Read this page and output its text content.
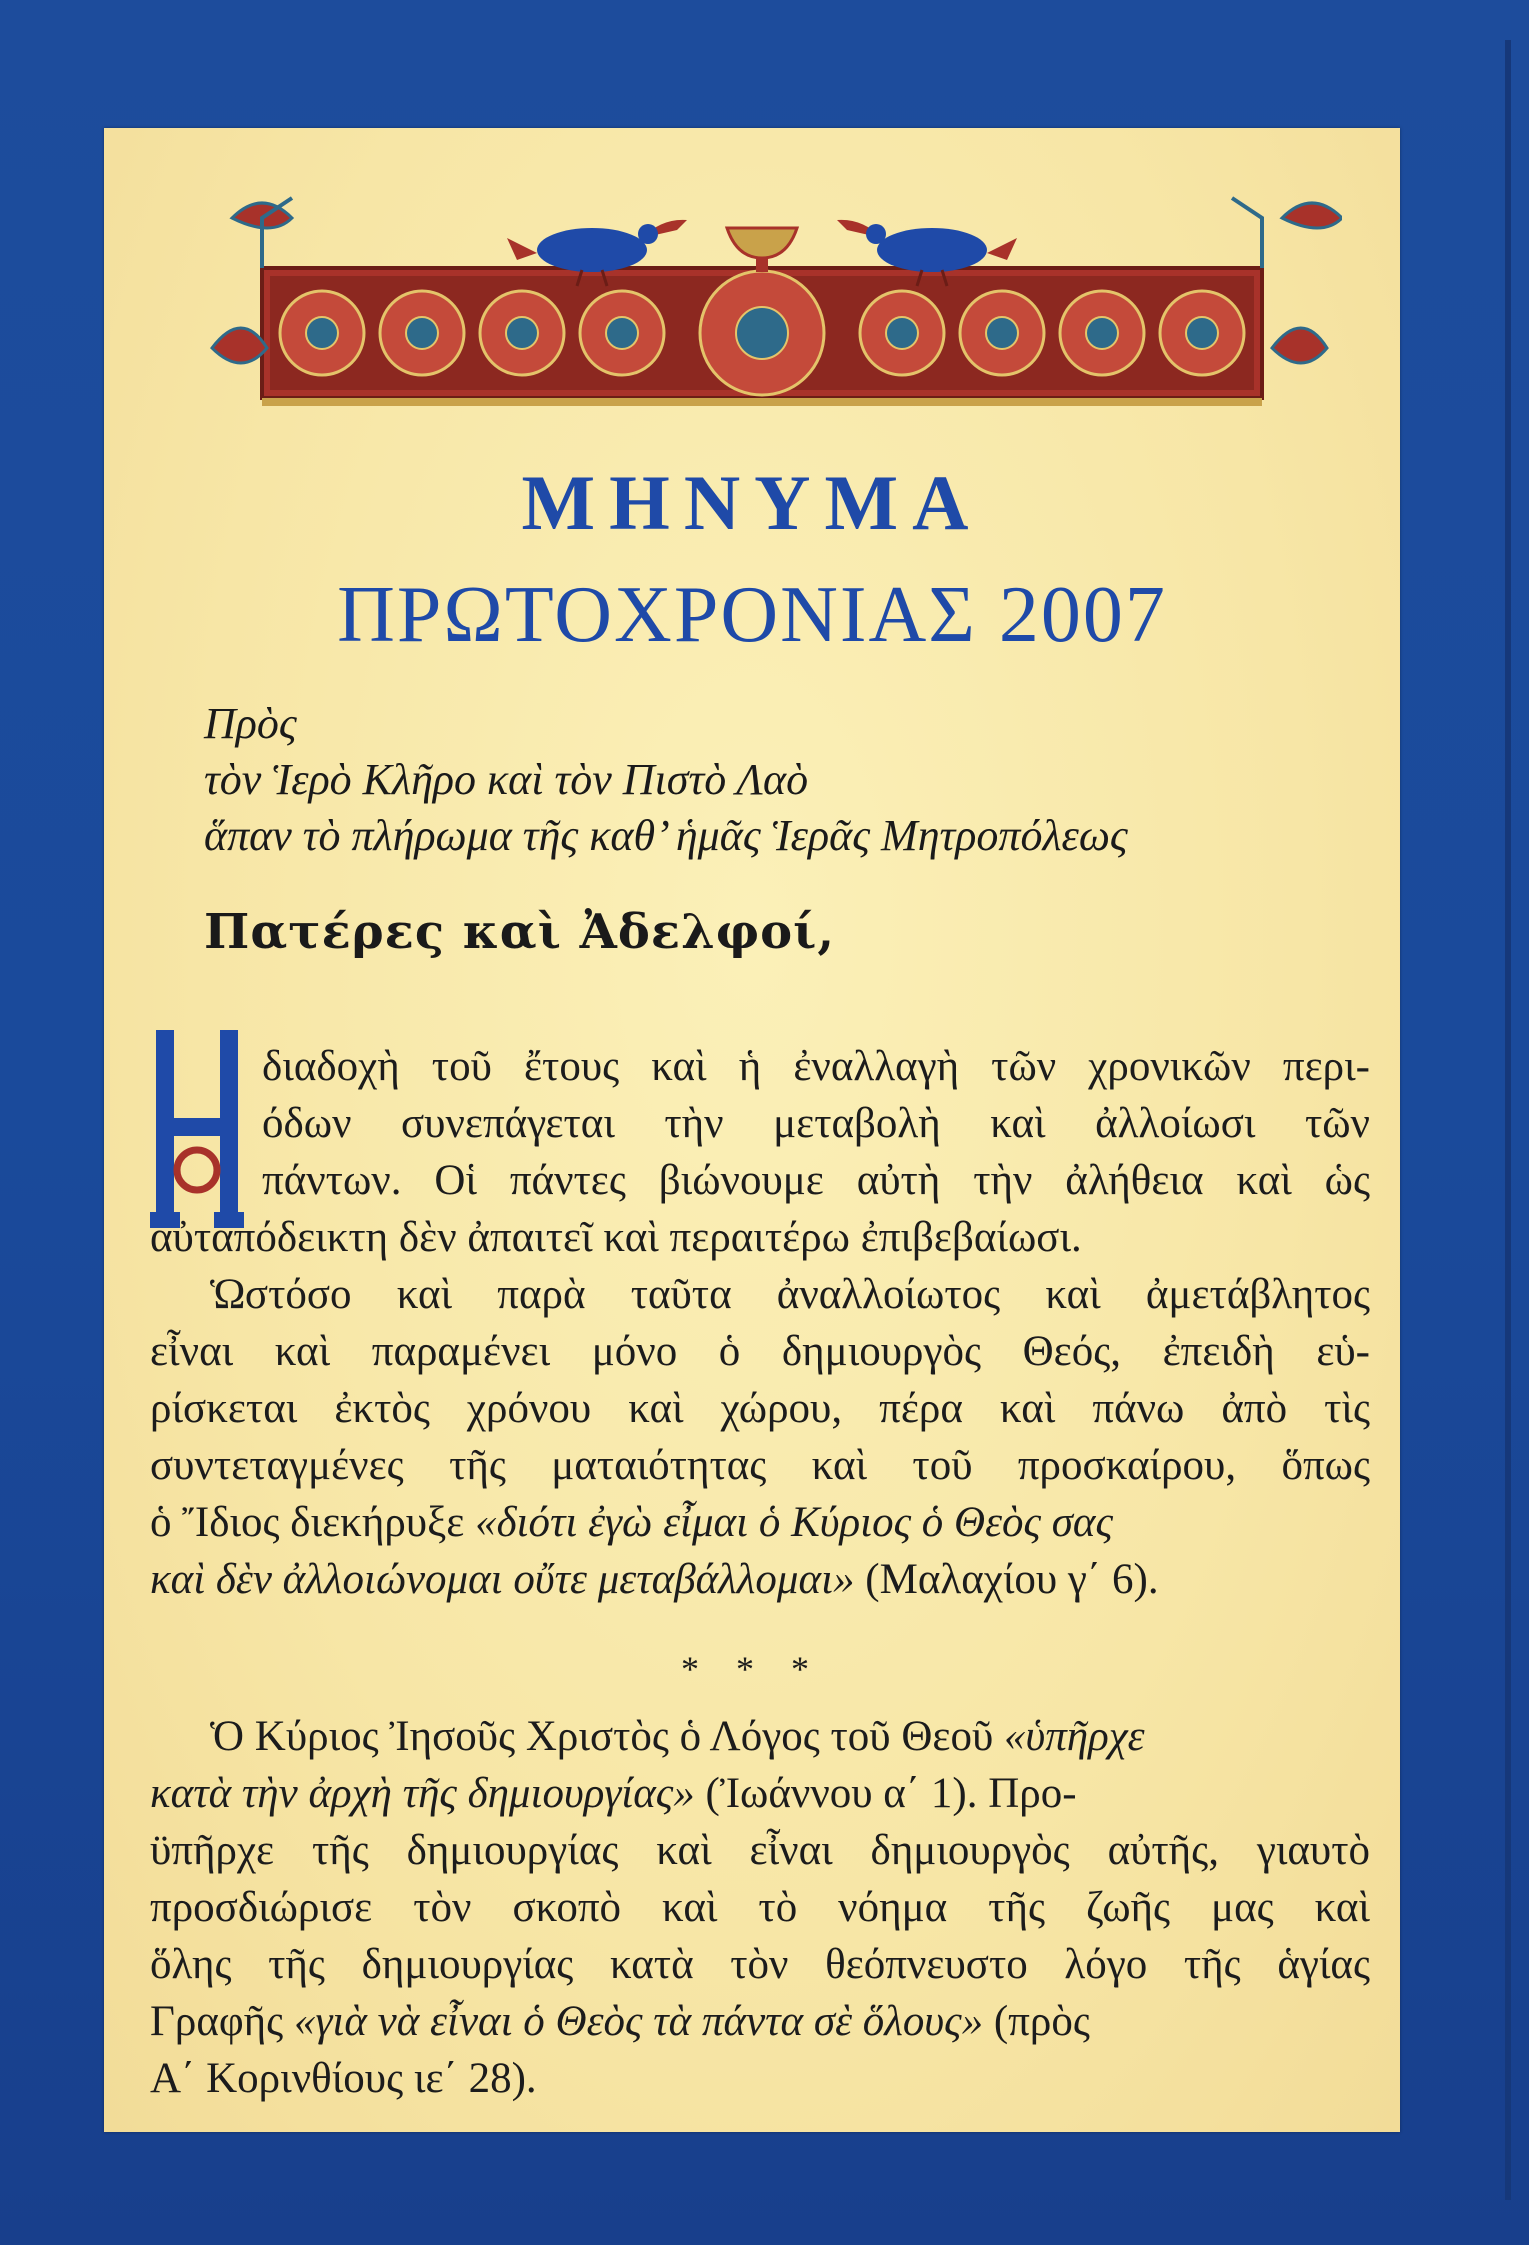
ΜΗΝΥΜΑ
ΠΡΩΤΟΧΡΟΝΙΑΣ 2007
Πρὸς
τὸν Ἱερὸ Κλῆρο καὶ τὸν Πιστὸ Λαὸ
ἅπαν τὸ πλήρωμα τῆς καθ’ ἡμᾶς Ἱερᾶς Μητροπόλεως
Πατέρες καὶ Ἀδελφοί,
Η
διαδοχὴ τοῦ ἔτους καὶ ἡ ἐναλλαγὴ τῶν χρονικῶν περι-
όδων συνεπάγεται τὴν μεταβολὴ καὶ ἀλλοίωσι τῶν
πάντων. Οἱ πάντες βιώνουμε αὐτὴ τὴν ἀλήθεια καὶ ὡς
αὐταπόδεικτη δὲν ἀπαιτεῖ καὶ περαιτέρω ἐπιβεβαίωσι.
Ὡστόσο καὶ παρὰ ταῦτα ἀναλλοίωτος καὶ ἀμετάβλητος
εἶναι καὶ παραμένει μόνο ὁ δημιουργὸς Θεός, ἐπειδὴ εὑ-
ρίσκεται ἐκτὸς χρόνου καὶ χώρου, πέρα καὶ πάνω ἀπὸ τὶς
συντεταγμένες τῆς ματαιότητας καὶ τοῦ προσκαίρου, ὅπως
ὁ Ἴδιος διεκήρυξε «διότι ἐγὼ εἶμαι ὁ Κύριος ὁ Θεὸς σας
καὶ δὲν ἀλλοιώνομαι οὔτε μεταβάλλομαι» (Μαλαχίου γ΄ 6).
* * *
Ὁ Κύριος Ἰησοῦς Χριστὸς ὁ Λόγος τοῦ Θεοῦ «ὑπῆρχε
κατὰ τὴν ἀρχὴ τῆς δημιουργίας» (Ἰωάννου α΄ 1). Προ-
ϋπῆρχε τῆς δημιουργίας καὶ εἶναι δημιουργὸς αὐτῆς, γιαυτὸ
προσδιώρισε τὸν σκοπὸ καὶ τὸ νόημα τῆς ζωῆς μας καὶ
ὅλης τῆς δημιουργίας κατὰ τὸν θεόπνευστο λόγο τῆς ἁγίας
Γραφῆς «γιὰ νὰ εἶναι ὁ Θεὸς τὰ πάντα σὲ ὅλους» (πρὸς
Α΄ Κορινθίους ιε΄ 28).
